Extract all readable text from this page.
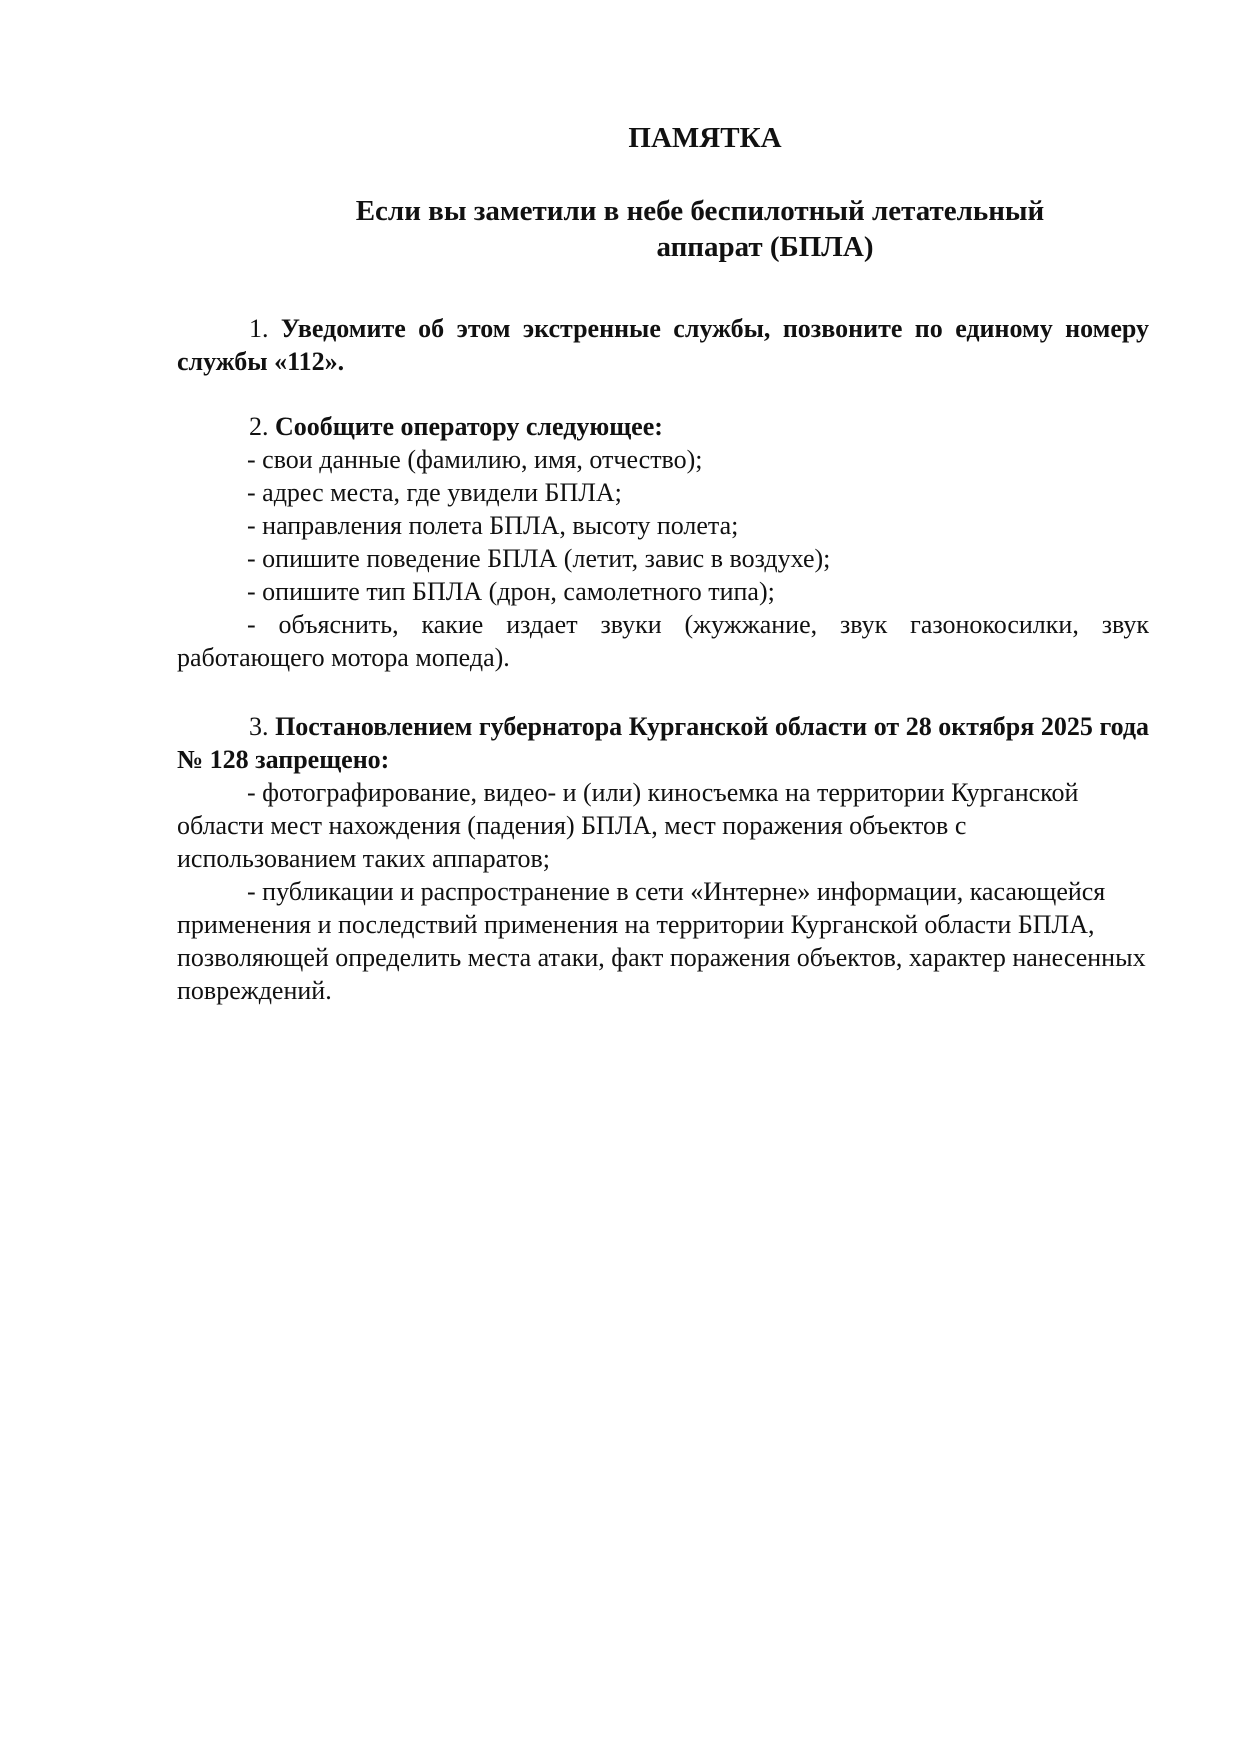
ПАМЯТКА
Если вы заметили в небе беспилотный летательный
аппарат (БПЛА)

1. Уведомите об этом экстренные службы, позвоните по единому номеру службы «112».

2. Сообщите оператору следующее:

- свои данные (фамилию, имя, отчество);

- адрес места, где увидели БПЛА;

- направления полета БПЛА, высоту полета;

- опишите поведение БПЛА (летит, завис в воздухе);

- опишите тип БПЛА (дрон, самолетного типа);

- объяснить, какие издает звуки (жужжание, звук газонокосилки, звук работающего мотора мопеда).

3. Постановлением губернатора Курганской области от 28 октября 2025 года № 128 запрещено:

- фотографирование, видео- и (или) киносъемка на территории Курганской области мест нахождения (падения) БПЛА, мест поражения объектов с использованием таких аппаратов;

- публикации и распространение в сети «Интерне» информации, касающейся применения и последствий применения на территории Курганской области БПЛА, позволяющей определить места атаки, факт поражения объектов, характер нанесенных повреждений.
